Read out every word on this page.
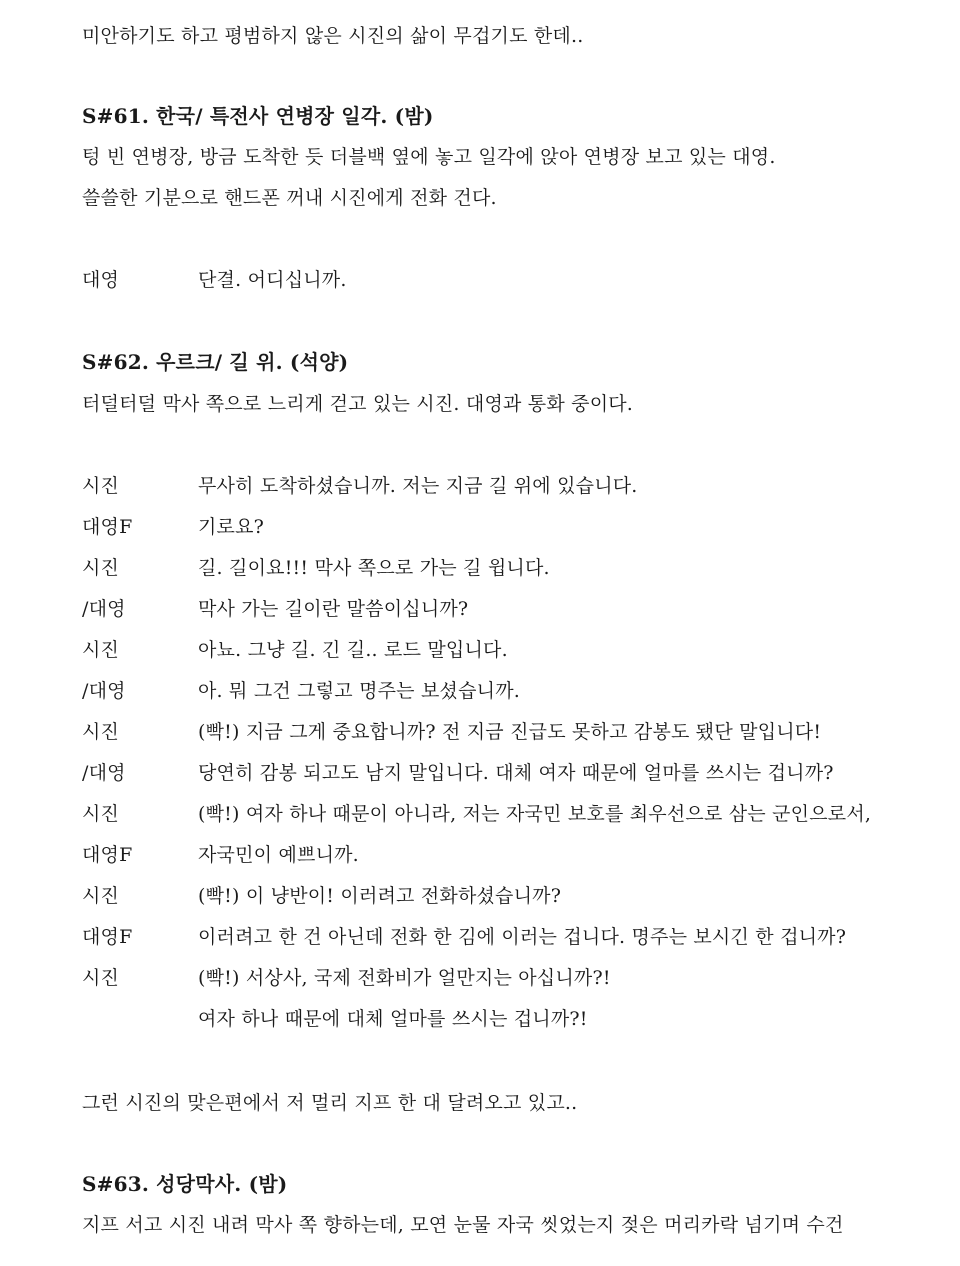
미안하기도 하고 평범하지 않은 시진의 삶이 무겁기도 한데..
S#61. 한국/ 특전사 연병장 일각. (밤)
텅 빈 연병장, 방금 도착한 듯 더블백 옆에 놓고 일각에 앉아 연병장 보고 있는 대영.
쓸쓸한 기분으로 핸드폰 꺼내 시진에게 전화 건다.
대영	단결. 어디십니까.
S#62. 우르크/ 길 위. (석양)
터덜터덜 막사 쪽으로 느리게 걷고 있는 시진. 대영과 통화 중이다.
시진	무사히 도착하셨습니까. 저는 지금 길 위에 있습니다.
대영F	기로요?
시진	길. 길이요!!! 막사 쪽으로 가는 길 윕니다.
/대영	막사 가는 길이란 말씀이십니까?
시진	아뇨. 그냥 길. 긴 길.. 로드 말입니다.
/대영	아. 뭐 그건 그렇고 명주는 보셨습니까.
시진	(빡!) 지금 그게 중요합니까? 전 지금 진급도 못하고 감봉도 됐단 말입니다!
/대영	당연히 감봉 되고도 남지 말입니다. 대체 여자 때문에 얼마를 쓰시는 겁니까?
시진	(빡!) 여자 하나 때문이 아니라, 저는 자국민 보호를 최우선으로 삼는 군인으로서,
대영F	자국민이 예쁘니까.
시진	(빡!) 이 냥반이! 이러려고 전화하셨습니까?
대영F	이러려고 한 건 아닌데 전화 한 김에 이러는 겁니다. 명주는 보시긴 한 겁니까?
시진	(빡!) 서상사, 국제 전화비가 얼만지는 아십니까?!
여자 하나 때문에 대체 얼마를 쓰시는 겁니까?!
그런 시진의 맞은편에서 저 멀리 지프 한 대 달려오고 있고..
S#63. 성당막사. (밤)
지프 서고 시진 내려 막사 쪽 향하는데, 모연 눈물 자국 씻었는지 젖은 머리카락 넘기며 수건
